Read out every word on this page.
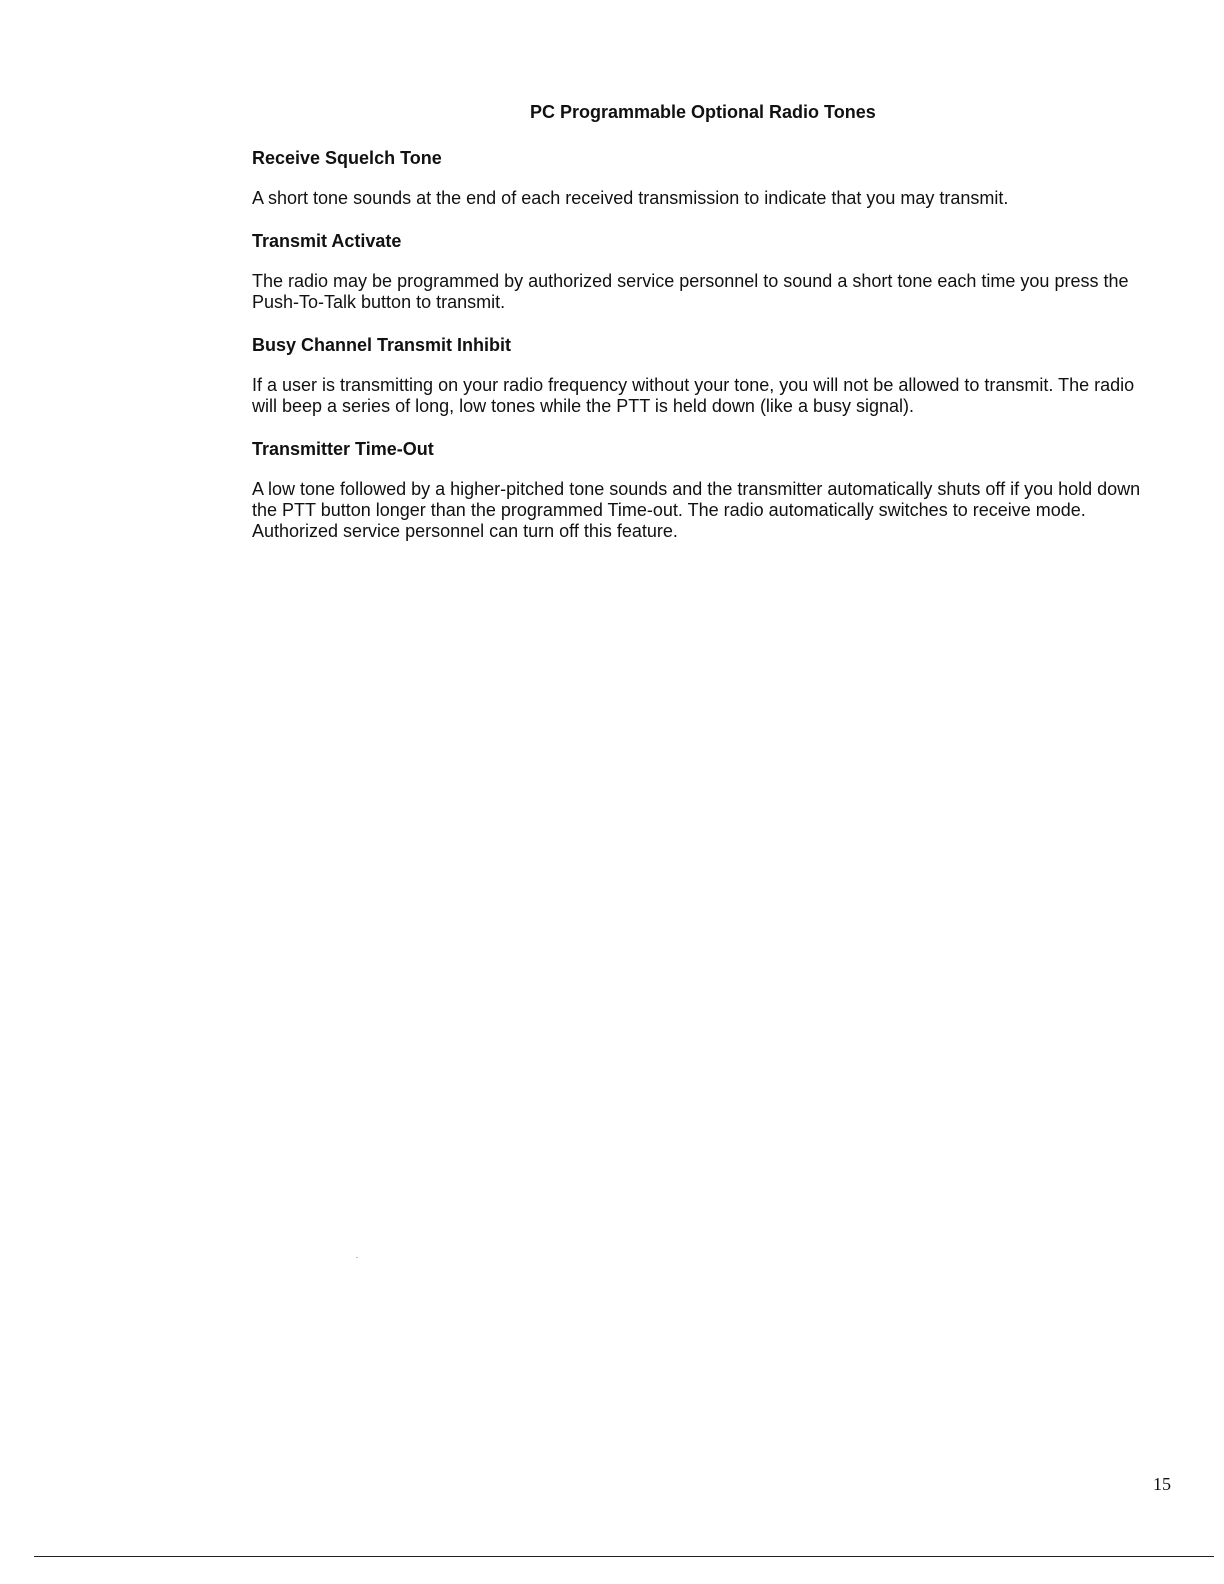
PC Programmable Optional Radio Tones
Receive Squelch Tone

A short tone sounds at the end of each received transmission to indicate that you may transmit.

Transmit Activate

The radio may be programmed by authorized service personnel to sound a short tone each time you press the Push-To-Talk button to transmit.

Busy Channel Transmit Inhibit

If a user is transmitting on your radio frequency without your tone, you will not be allowed to transmit. The radio will beep a series of long, low tones while the PTT is held down (like a busy signal).

Transmitter Time-Out

A low tone followed by a higher-pitched tone sounds and the transmitter automatically shuts off if you hold down the PTT button longer than the programmed Time-out. The radio automatically switches to receive mode. Authorized service personnel can turn off this feature.

15
